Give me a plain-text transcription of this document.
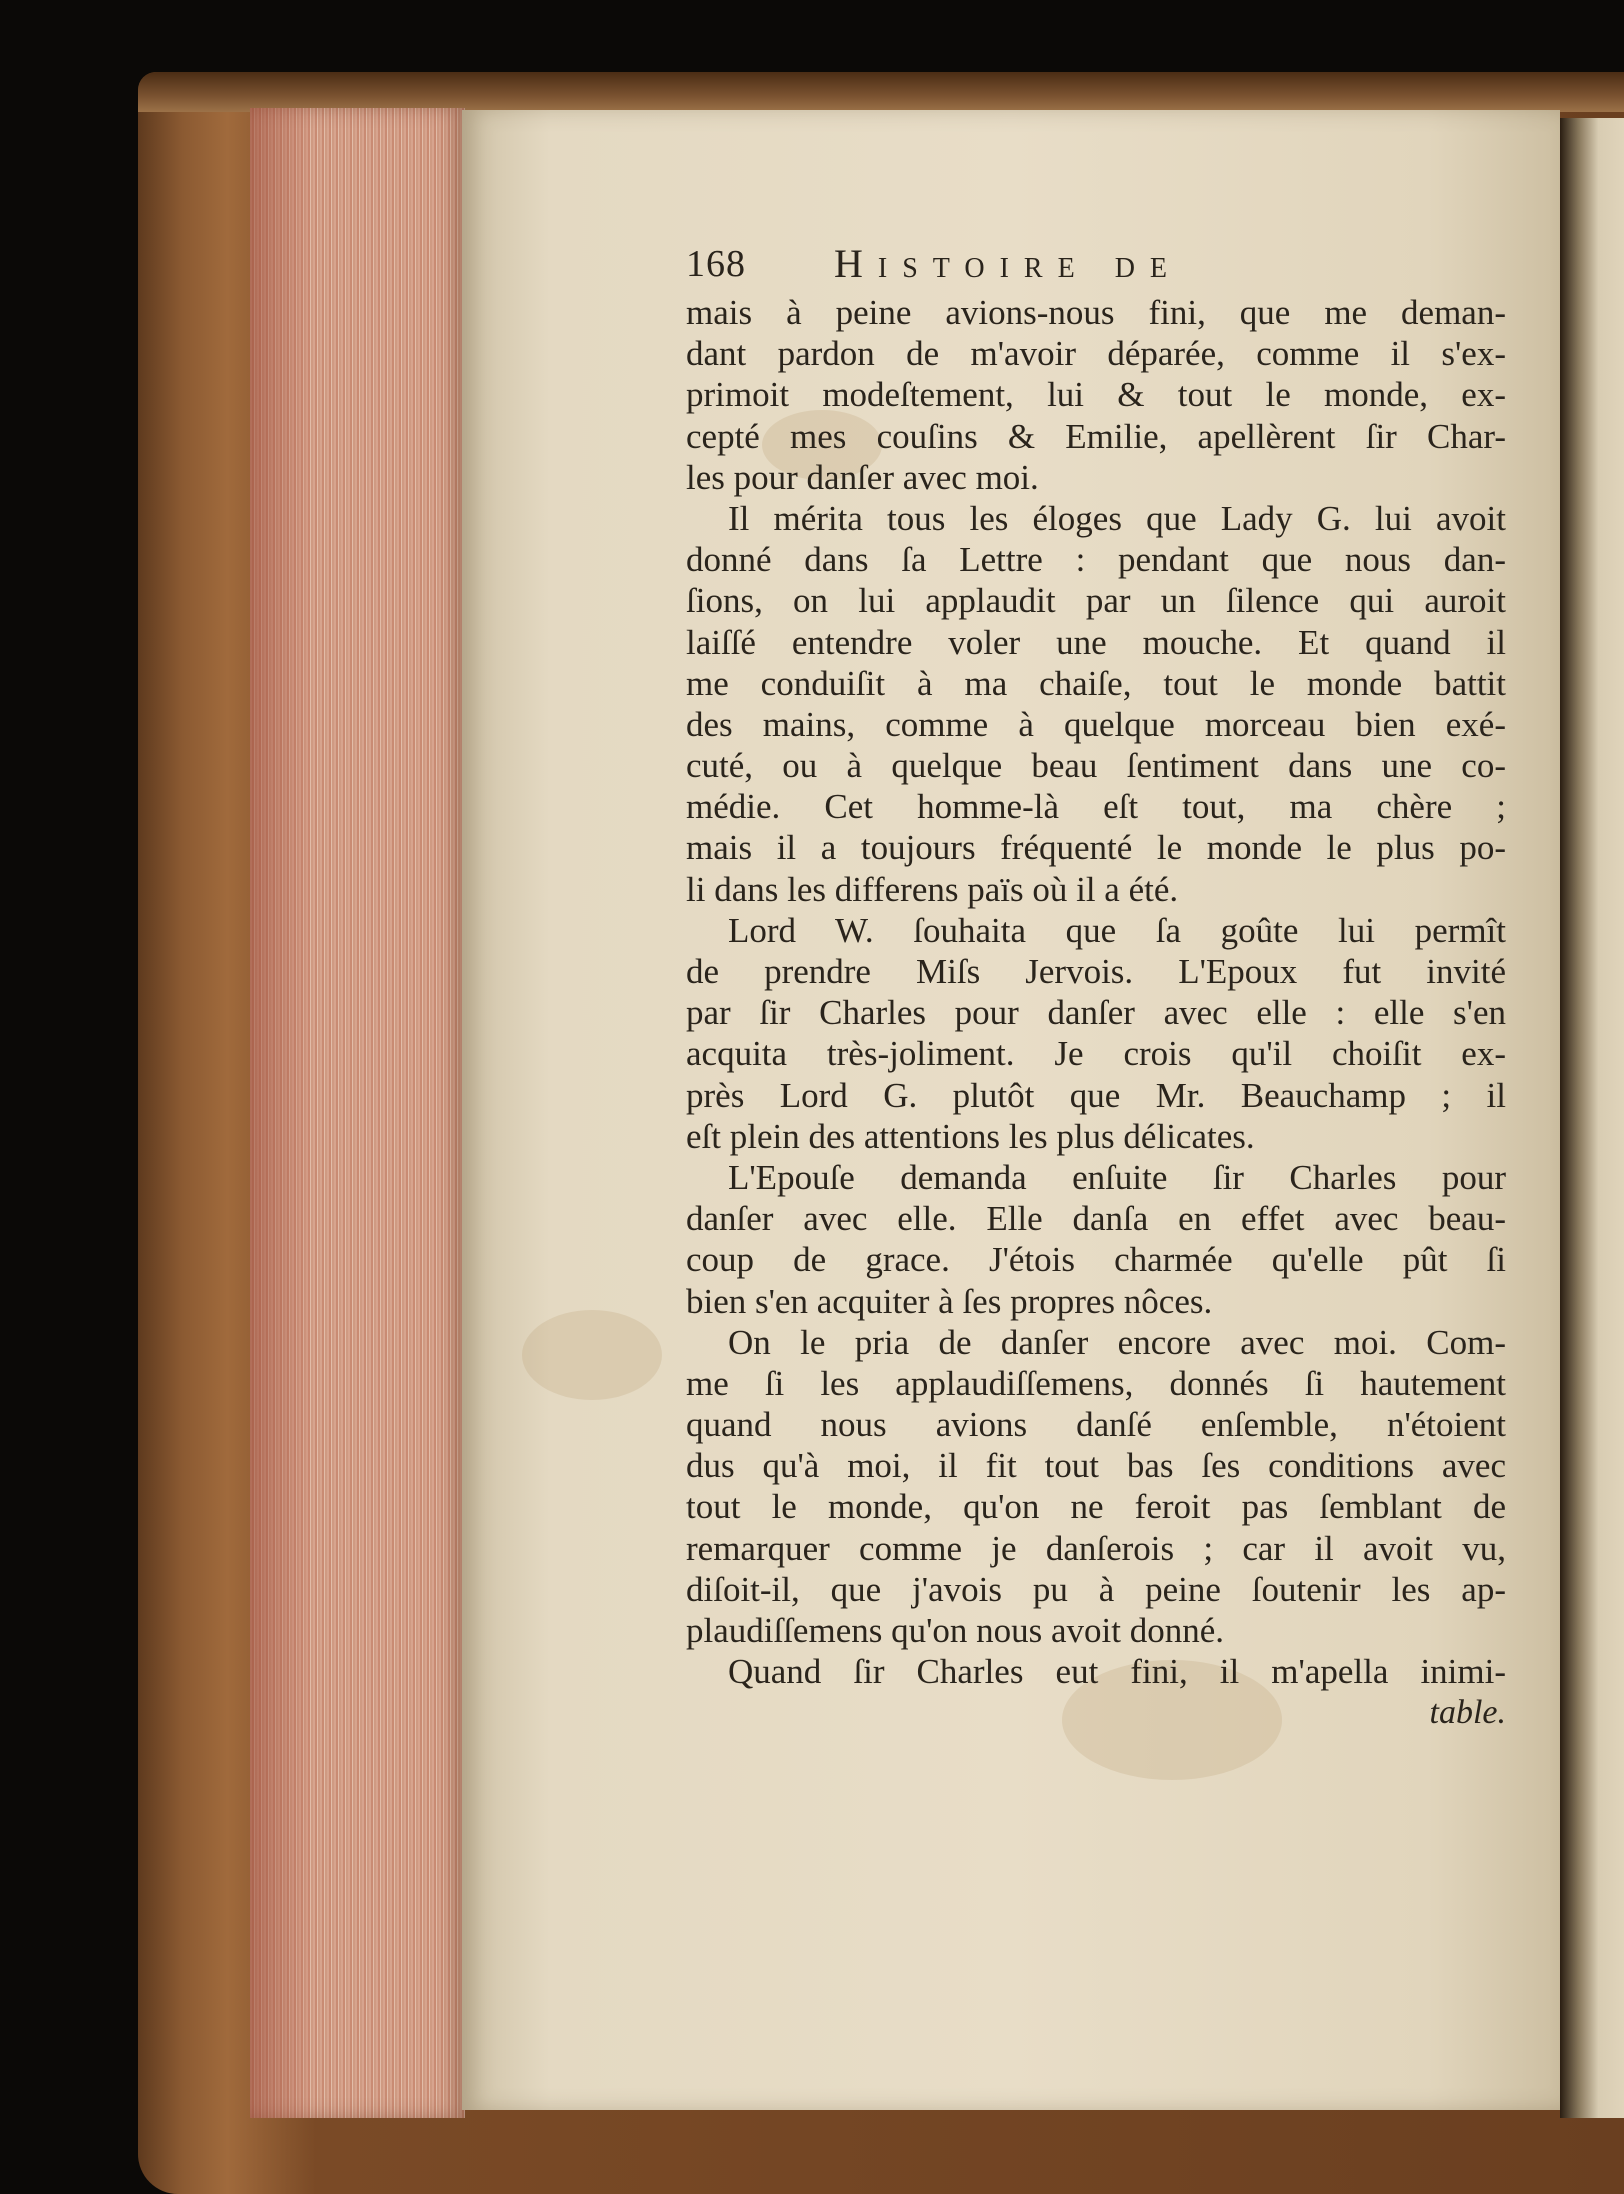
168 Histoire de
mais à peine avions-nous fini, que me deman-
dant pardon de m'avoir déparée, comme il s'ex-
primoit modeſtement, lui & tout le monde, ex-
cepté mes couſins & Emilie, apellèrent ſir Char-
les pour danſer avec moi.
Il mérita tous les éloges que Lady G. lui avoit
donné dans ſa Lettre : pendant que nous dan-
ſions, on lui applaudit par un ſilence qui auroit
laiſſé entendre voler une mouche. Et quand il
me conduiſit à ma chaiſe, tout le monde battit
des mains, comme à quelque morceau bien exé-
cuté, ou à quelque beau ſentiment dans une co-
médie. Cet homme-là eſt tout, ma chère ;
mais il a toujours fréquenté le monde le plus po-
li dans les differens païs où il a été.
Lord W. ſouhaita que ſa goûte lui permît
de prendre Miſs Jervois. L'Epoux fut invité
par ſir Charles pour danſer avec elle : elle s'en
acquita très-joliment. Je crois qu'il choiſit ex-
près Lord G. plutôt que Mr. Beauchamp ; il
eſt plein des attentions les plus délicates.
L'Epouſe demanda enſuite ſir Charles pour
danſer avec elle. Elle danſa en effet avec beau-
coup de grace. J'étois charmée qu'elle pût ſi
bien s'en acquiter à ſes propres nôces.
On le pria de danſer encore avec moi. Com-
me ſi les applaudiſſemens, donnés ſi hautement
quand nous avions danſé enſemble, n'étoient
dus qu'à moi, il fit tout bas ſes conditions avec
tout le monde, qu'on ne feroit pas ſemblant de
remarquer comme je danſerois ; car il avoit vu,
diſoit-il, que j'avois pu à peine ſoutenir les ap-
plaudiſſemens qu'on nous avoit donné.
Quand ſir Charles eut fini, il m'apella inimi-
table.
